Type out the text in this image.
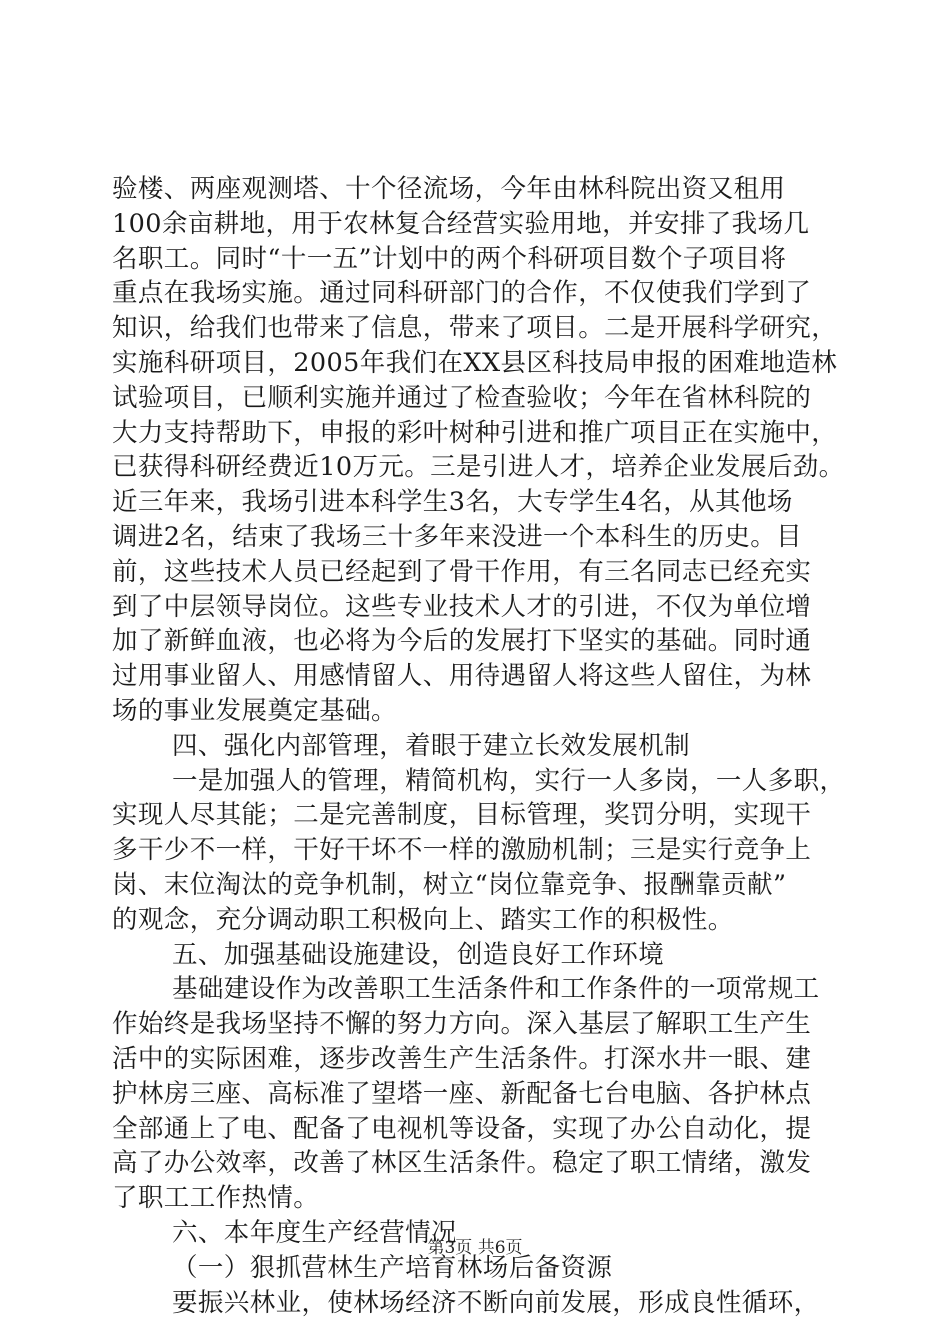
验楼、两座观测塔、十个径流场，今年由林科院出资又租用
100余亩耕地，用于农林复合经营实验用地，并安排了我场几
名职工。同时“十一五”计划中的两个科研项目数个子项目将
重点在我场实施。通过同科研部门的合作，不仅使我们学到了
知识，给我们也带来了信息，带来了项目。二是开展科学研究，
实施科研项目，2005年我们在XX县区科技局申报的困难地造林
试验项目，已顺利实施并通过了检查验收；今年在省林科院的
大力支持帮助下，申报的彩叶树种引进和推广项目正在实施中，
已获得科研经费近10万元。三是引进人才，培养企业发展后劲。
近三年来，我场引进本科学生3名，大专学生4名，从其他场
调进2名，结束了我场三十多年来没进一个本科生的历史。目
前，这些技术人员已经起到了骨干作用，有三名同志已经充实
到了中层领导岗位。这些专业技术人才的引进，不仅为单位增
加了新鲜血液，也必将为今后的发展打下坚实的基础。同时通
过用事业留人、用感情留人、用待遇留人将这些人留住，为林
场的事业发展奠定基础。
四、强化内部管理，着眼于建立长效发展机制
一是加强人的管理，精简机构，实行一人多岗，一人多职，
实现人尽其能；二是完善制度，目标管理，奖罚分明，实现干
多干少不一样，干好干坏不一样的激励机制；三是实行竞争上
岗、末位淘汰的竞争机制，树立“岗位靠竞争、报酬靠贡献”
的观念，充分调动职工积极向上、踏实工作的积极性。
五、加强基础设施建设，创造良好工作环境
基础建设作为改善职工生活条件和工作条件的一项常规工
作始终是我场坚持不懈的努力方向。深入基层了解职工生产生
活中的实际困难，逐步改善生产生活条件。打深水井一眼、建
护林房三座、高标准了望塔一座、新配备七台电脑、各护林点
全部通上了电、配备了电视机等设备，实现了办公自动化，提
高了办公效率，改善了林区生活条件。稳定了职工情绪，激发
了职工工作热情。
六、本年度生产经营情况
（一）狠抓营林生产培育林场后备资源
要振兴林业，使林场经济不断向前发展，形成良性循环，
第3页 共6页
